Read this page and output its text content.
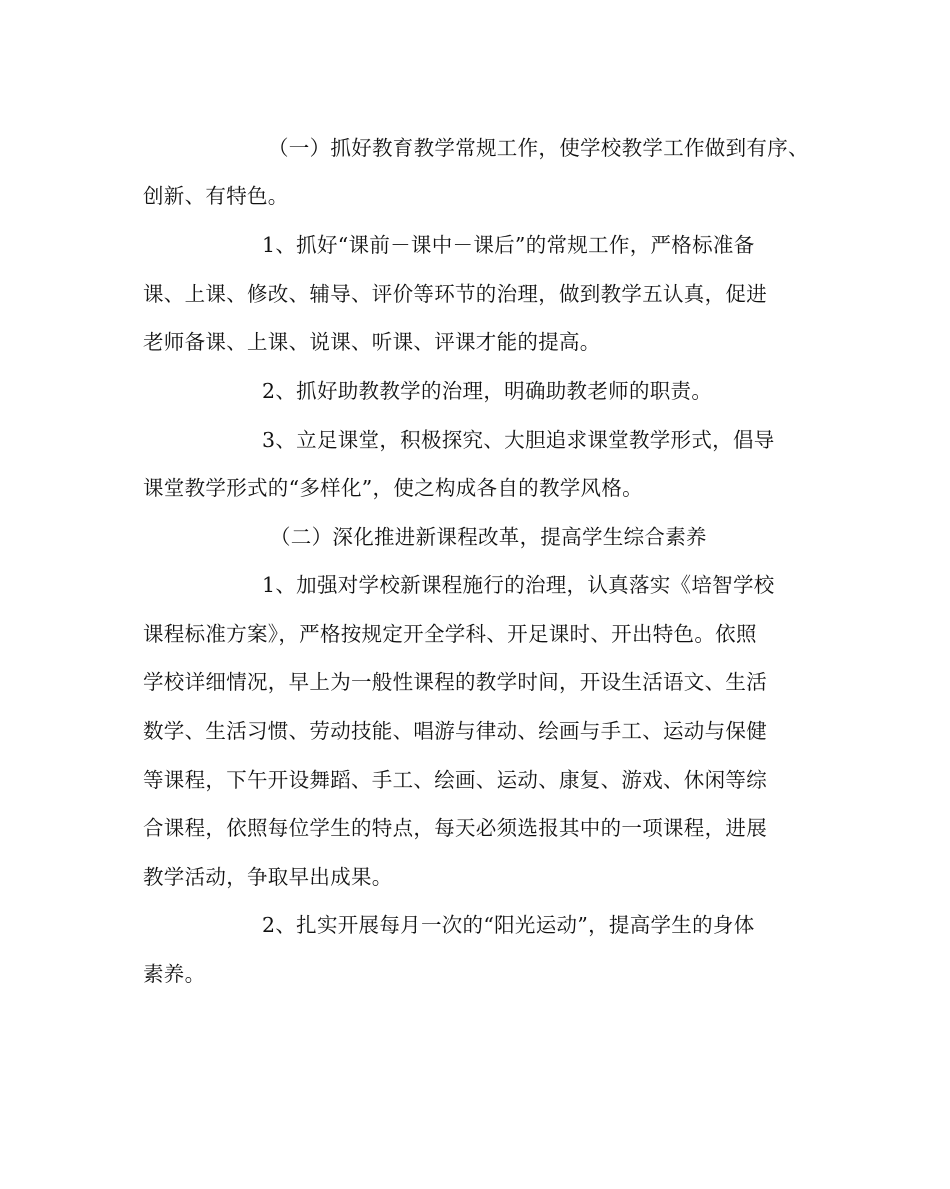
（一）抓好教育教学常规工作，使学校教学工作做到有序、

创新、有特色。

1、抓好“课前－课中－课后”的常规工作，严格标准备

课、上课、修改、辅导、评价等环节的治理，做到教学五认真，促进

老师备课、上课、说课、听课、评课才能的提高。

2、抓好助教教学的治理，明确助教老师的职责。

3、立足课堂，积极探究、大胆追求课堂教学形式，倡导

课堂教学形式的“多样化”，使之构成各自的教学风格。

（二）深化推进新课程改革，提高学生综合素养

1、加强对学校新课程施行的治理，认真落实《培智学校

课程标准方案》，严格按规定开全学科、开足课时、开出特色。依照

学校详细情况，早上为一般性课程的教学时间，开设生活语文、生活

数学、生活习惯、劳动技能、唱游与律动、绘画与手工、运动与保健

等课程，下午开设舞蹈、手工、绘画、运动、康复、游戏、休闲等综

合课程，依照每位学生的特点，每天必须选报其中的一项课程，进展

教学活动，争取早出成果。

2、扎实开展每月一次的“阳光运动”，提高学生的身体

素养。
